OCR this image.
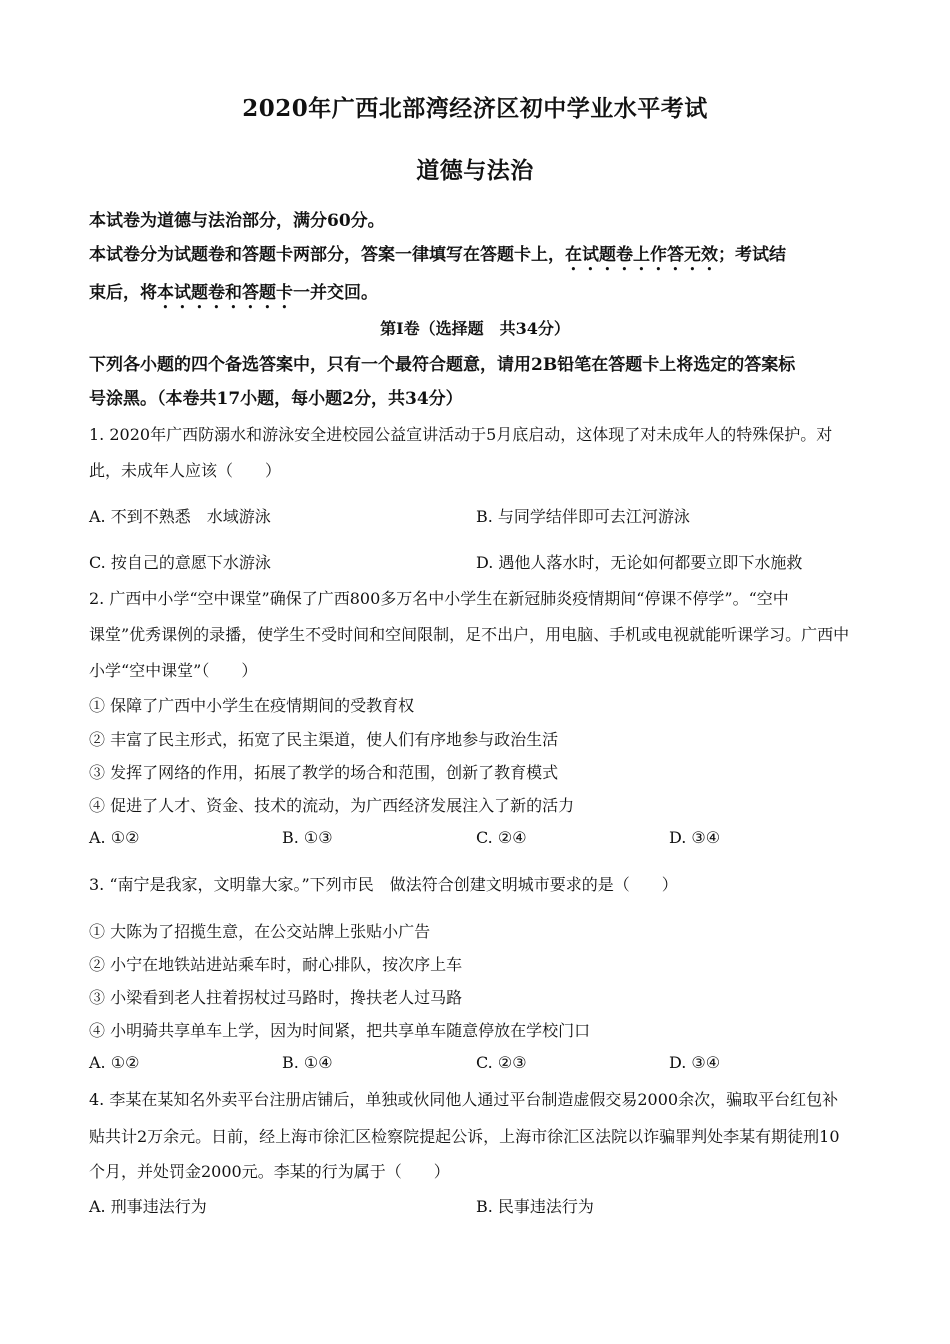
2020年广西北部湾经济区初中学业水平考试
道德与法治
本试卷为道德与法治部分，满分60分。
本试卷分为试题卷和答题卡两部分，答案一律填写在答题卡上，在试题卷上作答无效；考试结
束后，将本试题卷和答题卡一并交回。
第Ⅰ卷（选择题　共34分）
下列各小题的四个备选答案中，只有一个最符合题意，请用2B铅笔在答题卡上将选定的答案标
号涂黑。（本卷共17小题，每小题2分，共34分）
1. 2020年广西防溺水和游泳安全进校园公益宣讲活动于5月底启动，这体现了对未成年人的特殊保护。对
此，未成年人应该（　　）
A. 不到不熟悉　水域游泳	B. 与同学结伴即可去江河游泳
C. 按自己的意愿下水游泳	D. 遇他人落水时，无论如何都要立即下水施救
2. 广西中小学“空中课堂”确保了广西800多万名中小学生在新冠肺炎疫情期间“停课不停学”。“空中
课堂”优秀课例的录播，使学生不受时间和空间限制，足不出户，用电脑、手机或电视就能听课学习。广西中
小学“空中课堂”（　　）
① 保障了广西中小学生在疫情期间的受教育权
② 丰富了民主形式，拓宽了民主渠道，使人们有序地参与政治生活
③ 发挥了网络的作用，拓展了教学的场合和范围，创新了教育模式
④ 促进了人才、资金、技术的流动，为广西经济发展注入了新的活力
A. ①②	B. ①③	C. ②④	D. ③④
3. “南宁是我家，文明靠大家。”下列市民　做法符合创建文明城市要求的是（　　）
① 大陈为了招揽生意，在公交站牌上张贴小广告
② 小宁在地铁站进站乘车时，耐心排队，按次序上车
③ 小梁看到老人拄着拐杖过马路时，搀扶老人过马路
④ 小明骑共享单车上学，因为时间紧，把共享单车随意停放在学校门口
A. ①②	B. ①④	C. ②③	D. ③④
4. 李某在某知名外卖平台注册店铺后，单独或伙同他人通过平台制造虚假交易2000余次，骗取平台红包补
贴共计2万余元。日前，经上海市徐汇区检察院提起公诉，上海市徐汇区法院以诈骗罪判处李某有期徒刑10
个月，并处罚金2000元。李某的行为属于（　　）
A. 刑事违法行为	B. 民事违法行为
